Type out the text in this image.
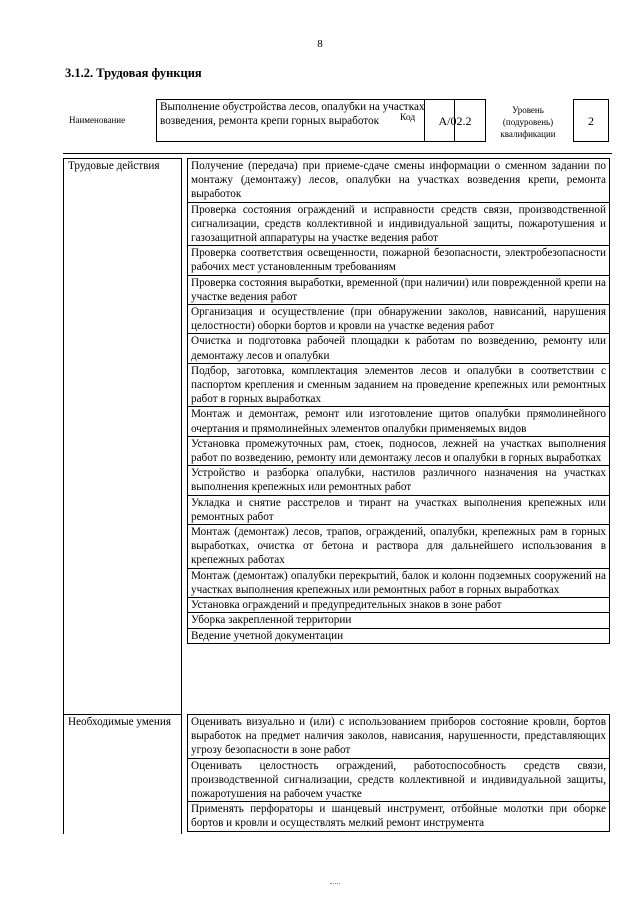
8
3.1.2. Трудовая функция
Наименование
Выполнение обустройства лесов, опалубки на участках возведения, ремонта крепи горных выработок	Код	A/02.2
Уровень (подуровень) квалификации
2
Трудовые действия	Получение (передача) при приеме-сдаче смены информации о сменном задании по монтажу (демонтажу) лесов, опалубки на участках возведения крепи, ремонта выработок
Проверка состояния ограждений и исправности средств связи, производственной сигнализации, средств коллективной и индивидуальной защиты, пожаротушения и газозащитной аппаратуры на участке ведения работ
Проверка соответствия освещенности, пожарной безопасности, электробезопасности рабочих мест установленным требованиям
Проверка состояния выработки, временной (при наличии) или поврежденной крепи на участке ведения работ
Организация и осуществление (при обнаружении заколов, нависаний, нарушения целостности) оборки бортов и кровли на участке ведения работ
Очистка и подготовка рабочей площадки к работам по возведению, ремонту или демонтажу лесов и опалубки
Подбор, заготовка, комплектация элементов лесов и опалубки в соответствии с паспортом крепления и сменным заданием на проведение крепежных или ремонтных работ в горных выработках
Монтаж и демонтаж, ремонт или изготовление щитов опалубки прямолинейного очертания и прямолинейных элементов опалубки применяемых видов
Установка промежуточных рам, стоек, подносов, лежней на участках выполнения работ по возведению, ремонту или демонтажу лесов и опалубки в горных выработках
Устройство и разборка опалубки, настилов различного назначения на участках выполнения крепежных или ремонтных работ
Укладка и снятие расстрелов и тирант на участках выполнения крепежных или ремонтных работ
Монтаж (демонтаж) лесов, трапов, ограждений, опалубки, крепежных рам в горных выработках, очистка от бетона и раствора для дальнейшего использования в крепежных работах
Монтаж (демонтаж) опалубки перекрытий, балок и колонн подземных сооружений на участках выполнения крепежных или ремонтных работ в горных выработках
Установка ограждений и предупредительных знаков в зоне работ
Уборка закрепленной территории
Ведение учетной документации
Необходимые умения	Оценивать визуально и (или) с использованием приборов состояние кровли, бортов выработок на предмет наличия заколов, нависания, нарушенности, представляющих угрозу безопасности в зоне работ
Оценивать целостность ограждений, работоспособность средств связи, производственной сигнализации, средств коллективной и индивидуальной защиты, пожаротушения на рабочем участке
Применять перфораторы и шанцевый инструмент, отбойные молотки при оборке бортов и кровли и осуществлять мелкий ремонт инструмента
